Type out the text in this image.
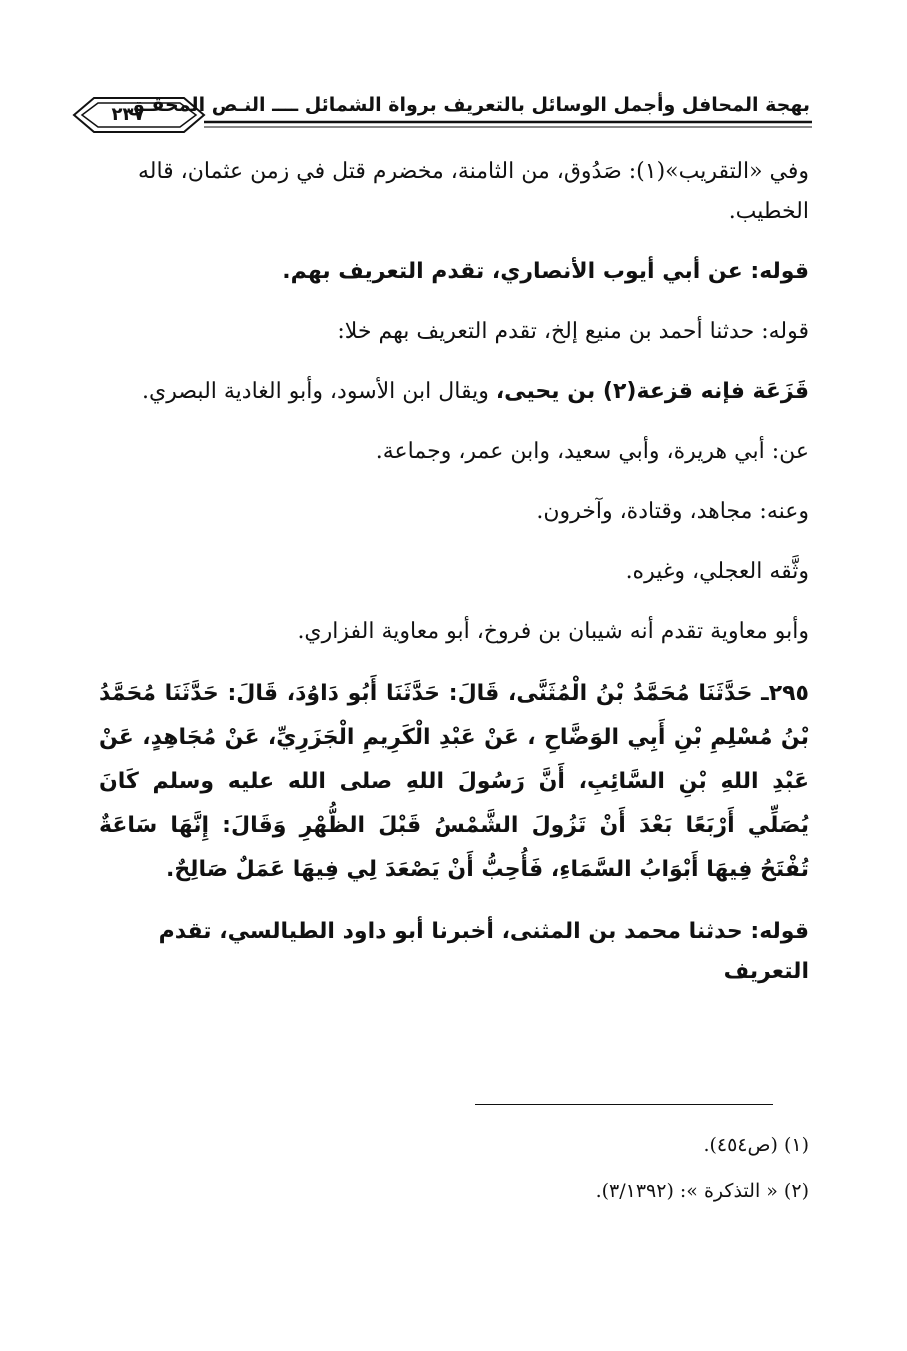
٢٣٧
بهجة المحافل وأجمل الوسائل بالتعريف برواة الشمائل ــــ النـص المحقـق

وفي «التقريب»(١): صَدُوق، من الثامنة، مخضرم قتل في زمن عثمان، قاله الخطيب.

قوله: عن أبي أيوب الأنصاري، تقدم التعريف بهم.

قوله: حدثنا أحمد بن منيع إلخ، تقدم التعريف بهم خلا:

قَزَعَة فإنه قزعة(٢) بن يحيى، ويقال ابن الأسود، وأبو الغادية البصري.

عن: أبي هريرة، وأبي سعيد، وابن عمر، وجماعة.

وعنه: مجاهد، وقتادة، وآخرون.

وثَّقه العجلي، وغيره.

وأبو معاوية تقدم أنه شيبان بن فروخ، أبو معاوية الفزاري.

٢٩٥ـ حَدَّثَنَا مُحَمَّدُ بْنُ الْمُثَنَّى، قَالَ: حَدَّثَنَا أَبُو دَاوُدَ، قَالَ: حَدَّثَنَا مُحَمَّدُ بْنُ مُسْلِمِ بْنِ أَبِي الوَضَّاحِ ، عَنْ عَبْدِ الْكَرِيمِ الْجَزَرِيِّ، عَنْ مُجَاهِدٍ، عَنْ عَبْدِ اللهِ بْنِ السَّائِبِ، أَنَّ رَسُولَ اللهِ صلى الله عليه وسلم كَانَ يُصَلِّي أَرْبَعًا بَعْدَ أَنْ تَزُولَ الشَّمْسُ قَبْلَ الظُّهْرِ وَقَالَ: إِنَّهَا سَاعَةٌ تُفْتَحُ فِيهَا أَبْوَابُ السَّمَاءِ، فَأُحِبُّ أَنْ يَصْعَدَ لِي فِيهَا عَمَلٌ صَالِحٌ.

قوله: حدثنا محمد بن المثنى، أخبرنا أبو داود الطيالسي، تقدم التعريف

(١) (ص٤٥٤).
(٢) « التذكرة »: (٣/١٣٩٢).
